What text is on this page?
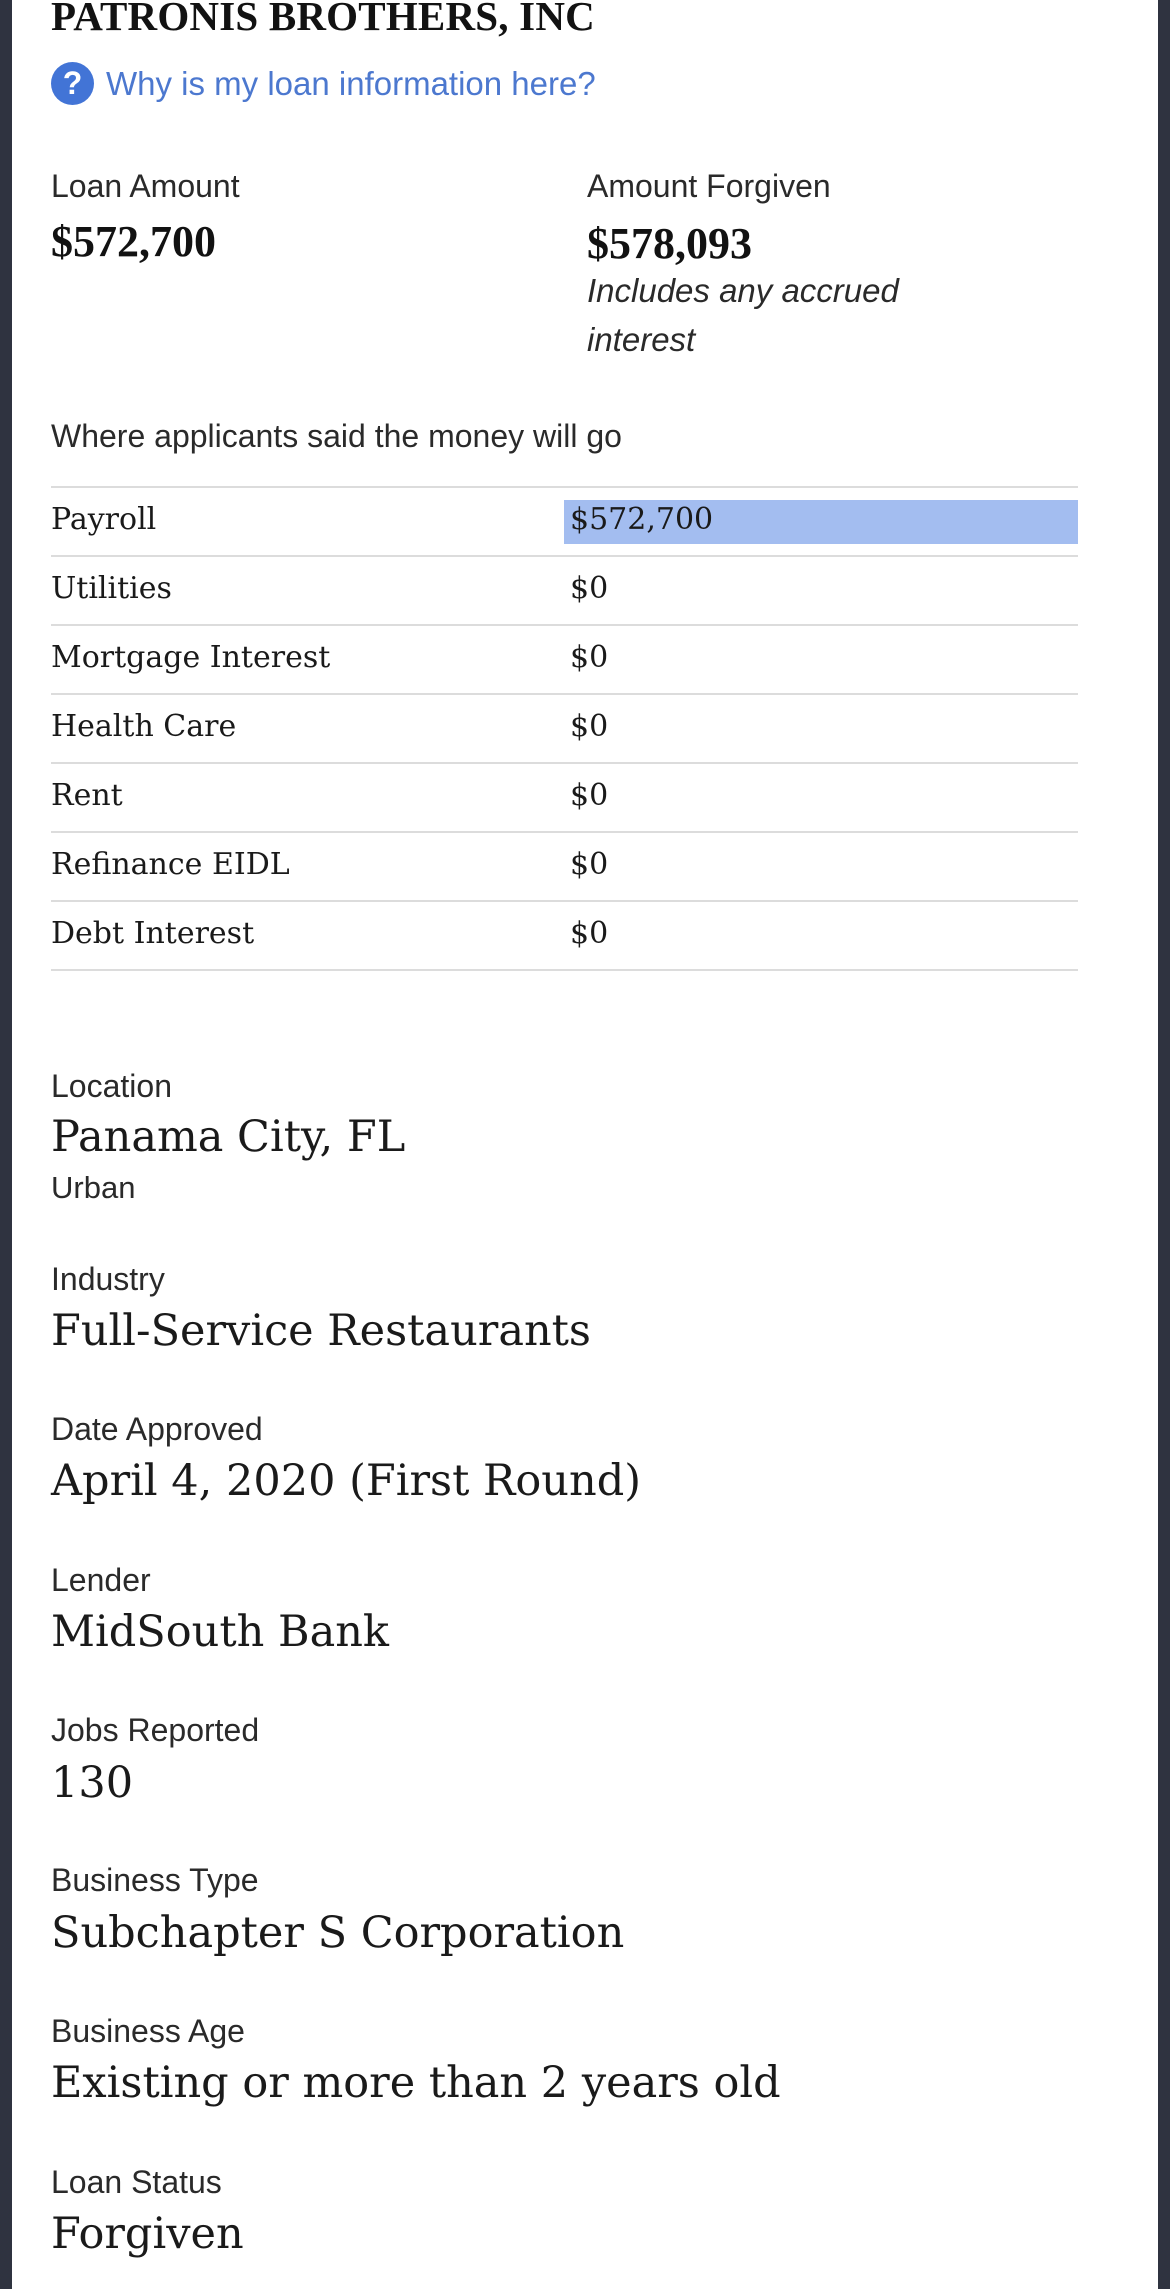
PATRONIS BROTHERS, INC
? Why is my loan information here?
Loan Amount
$572,700
Amount Forgiven
$578,093
Includes any accrued
interest
Where applicants said the money will go
Payroll	$572,700
Utilities	$0
Mortgage Interest	$0
Health Care	$0
Rent	$0
Refinance EIDL	$0
Debt Interest	$0
Location
Panama City, FL
Urban
Industry
Full-Service Restaurants
Date Approved
April 4, 2020 (First Round)
Lender
MidSouth Bank
Jobs Reported
130
Business Type
Subchapter S Corporation
Business Age
Existing or more than 2 years old
Loan Status
Forgiven
